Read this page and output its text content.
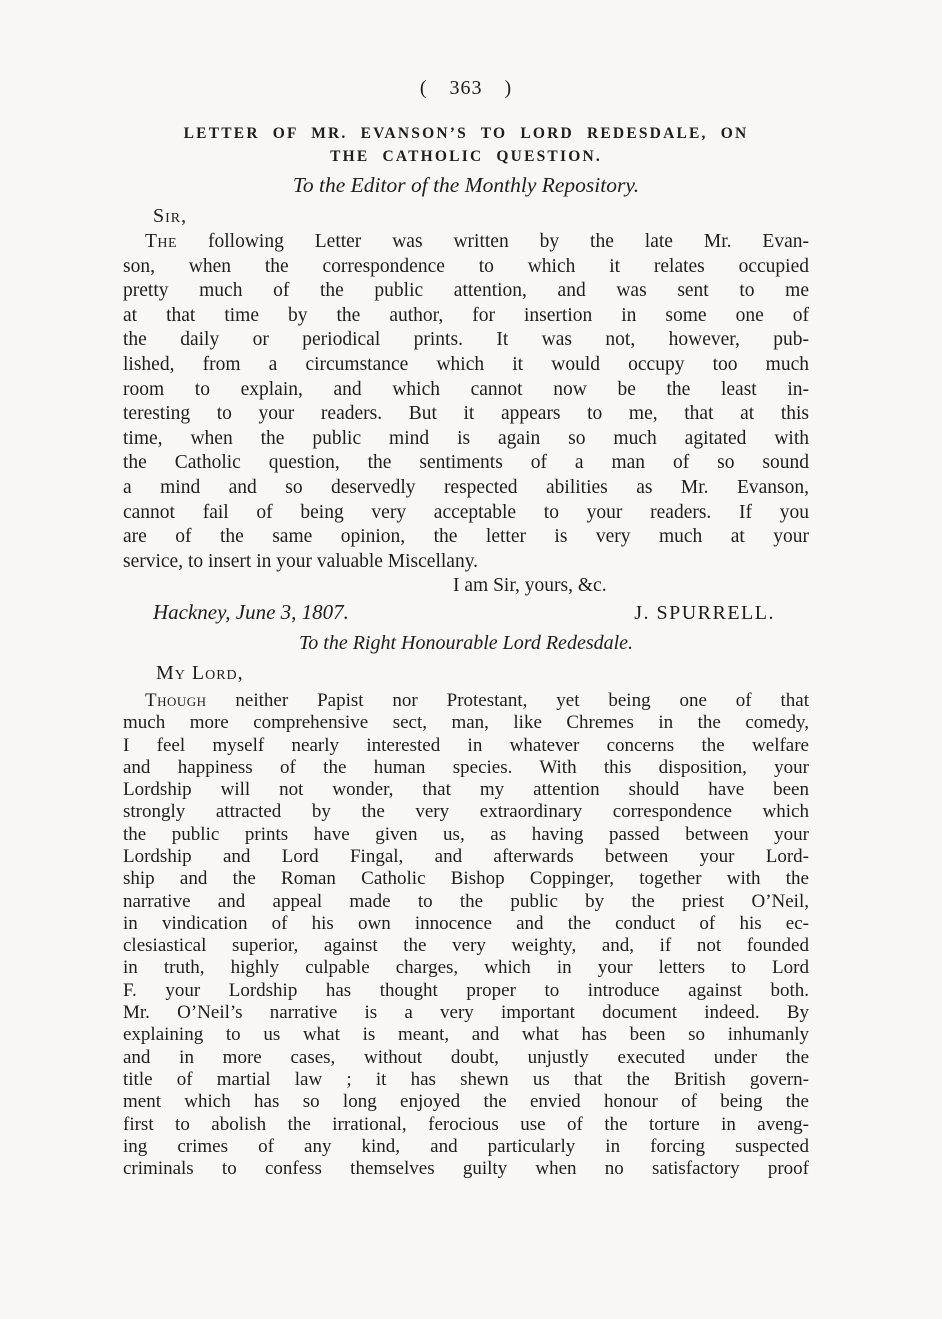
( 363 )
LETTER OF MR. EVANSON’S TO LORD REDESDALE, ON
THE CATHOLIC QUESTION.
To the Editor of the Monthly Repository.
Sir,
The following Letter was written by the late Mr. Evan-
son, when the correspondence to which it relates occupied
pretty much of the public attention, and was sent to me
at that time by the author, for insertion in some one of
the daily or periodical prints. It was not, however, pub-
lished, from a circumstance which it would occupy too much
room to explain, and which cannot now be the least in-
teresting to your readers. But it appears to me, that at this
time, when the public mind is again so much agitated with
the Catholic question, the sentiments of a man of so sound
a mind and so deservedly respected abilities as Mr. Evanson,
cannot fail of being very acceptable to your readers. If you
are of the same opinion, the letter is very much at your
service, to insert in your valuable Miscellany.
I am Sir, yours, &c.
Hackney, June 3, 1807.	J. SPURRELL.
To the Right Honourable Lord Redesdale.
My Lord,
Though neither Papist nor Protestant, yet being one of that
much more comprehensive sect, man, like Chremes in the comedy,
I feel myself nearly interested in whatever concerns the welfare
and happiness of the human species. With this disposition, your
Lordship will not wonder, that my attention should have been
strongly attracted by the very extraordinary correspondence which
the public prints have given us, as having passed between your
Lordship and Lord Fingal, and afterwards between your Lord-
ship and the Roman Catholic Bishop Coppinger, together with the
narrative and appeal made to the public by the priest O’Neil,
in vindication of his own innocence and the conduct of his ec-
clesiastical superior, against the very weighty, and, if not founded
in truth, highly culpable charges, which in your letters to Lord
F. your Lordship has thought proper to introduce against both.
Mr. O’Neil’s narrative is a very important document indeed. By
explaining to us what is meant, and what has been so inhumanly
and in more cases, without doubt, unjustly executed under the
title of martial law ; it has shewn us that the British govern-
ment which has so long enjoyed the envied honour of being the
first to abolish the irrational, ferocious use of the torture in aveng-
ing crimes of any kind, and particularly in forcing suspected
criminals to confess themselves guilty when no satisfactory proof
